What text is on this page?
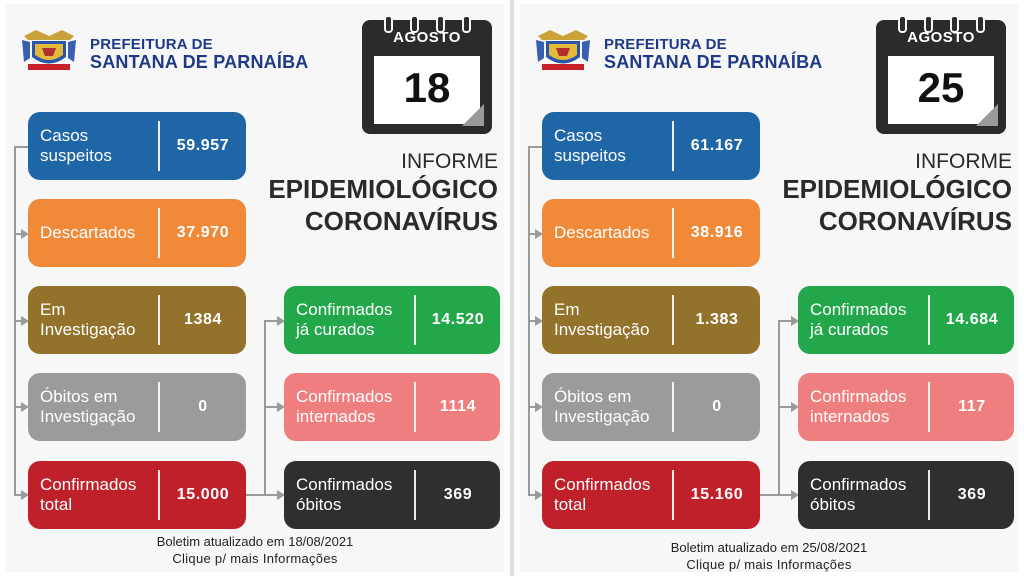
PREFEITURA DE
SANTANA DE PARNAÍBA
AGOSTO
18
INFORME
EPIDEMIOLÓGICO
CORONAVÍRUS
Casos
suspeitos
59.957
Descartados	37.970
Em
Investigação
1384
Óbitos em
Investigação
0
Confirmados
total
15.000
Confirmados
já curados
14.520
Confirmados
internados
1114
Confirmados
óbitos
369
Boletim atualizado em 18/08/2021
Clique p/ mais Informações
PREFEITURA DE
SANTANA DE PARNAÍBA
AGOSTO
25
INFORME
EPIDEMIOLÓGICO
CORONAVÍRUS
Casos
suspeitos
61.167
Descartados	38.916
Em
Investigação
1.383
Óbitos em
Investigação
0
Confirmados
total
15.160
Confirmados
já curados
14.684
Confirmados
internados
117
Confirmados
óbitos
369
Boletim atualizado em 25/08/2021
Clique p/ mais Informações
